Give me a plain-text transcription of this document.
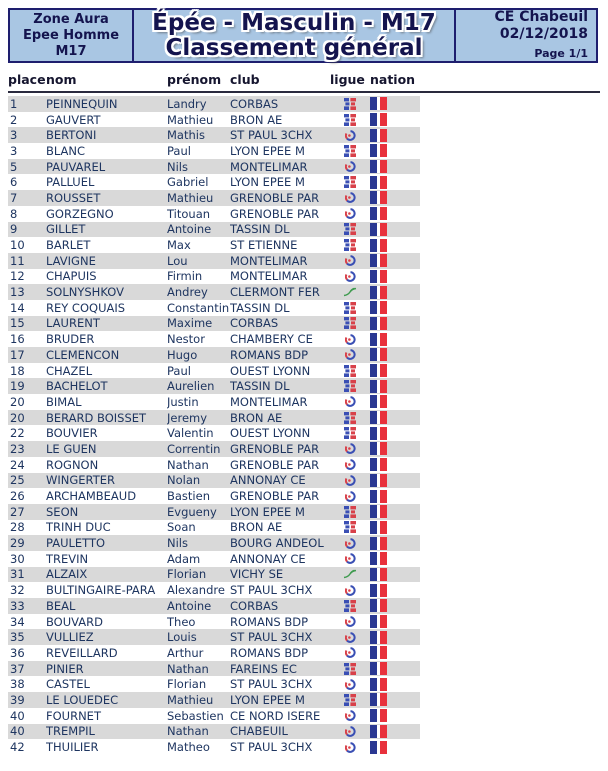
Zone Aura
Epee Homme
M17
Épée - Masculin - M17
Classement général
CE Chabeuil
02/12/2018
Page 1/1
place nom	prénom club	ligue nation
1	PEINNEQUIN	Landry	CORBAS
2	GAUVERT	Mathieu	BRON AE
3	BERTONI	Mathis	ST PAUL 3CHX
3	BLANC	Paul	LYON EPEE M
5	PAUVAREL	Nils	MONTELIMAR
6	PALLUEL	Gabriel	LYON EPEE M
7	ROUSSET	Mathieu	GRENOBLE PAR
8	GORZEGNO	Titouan	GRENOBLE PAR
9	GILLET	Antoine	TASSIN DL
10	BARLET	Max	ST ETIENNE
11	LAVIGNE	Lou	MONTELIMAR
12	CHAPUIS	Firmin	MONTELIMAR
13	SOLNYSHKOV	Andrey	CLERMONT FER
14	REY COQUAIS	Constantin TASSIN DL
15	LAURENT	Maxime	CORBAS
16	BRUDER	Nestor	CHAMBERY CE
17	CLEMENCON	Hugo	ROMANS BDP
18	CHAZEL	Paul	OUEST LYONN
19	BACHELOT	Aurelien	TASSIN DL
20	BIMAL	Justin	MONTELIMAR
20	BERARD BOISSET	Jeremy	BRON AE
22	BOUVIER	Valentin	OUEST LYONN
23	LE GUEN	Correntin GRENOBLE PAR
24	ROGNON	Nathan	GRENOBLE PAR
25	WINGERTER	Nolan	ANNONAY CE
26	ARCHAMBEAUD	Bastien	GRENOBLE PAR
27	SEON	Evgueny	LYON EPEE M
28	TRINH DUC	Soan	BRON AE
29	PAULETTO	Nils	BOURG ANDEOL
30	TREVIN	Adam	ANNONAY CE
31	ALZAIX	Florian	VICHY SE
32	BULTINGAIRE-PARA	Alexandre ST PAUL 3CHX
33	BEAL	Antoine	CORBAS
34	BOUVARD	Theo	ROMANS BDP
35	VULLIEZ	Louis	ST PAUL 3CHX
36	REVEILLARD	Arthur	ROMANS BDP
37	PINIER	Nathan	FAREINS EC
38	CASTEL	Florian	ST PAUL 3CHX
39	LE LOUEDEC	Mathieu	LYON EPEE M
40	FOURNET	Sebastien CE NORD ISERE
40	TREMPIL	Nathan	CHABEUIL
42	THUILIER	Matheo	ST PAUL 3CHX
